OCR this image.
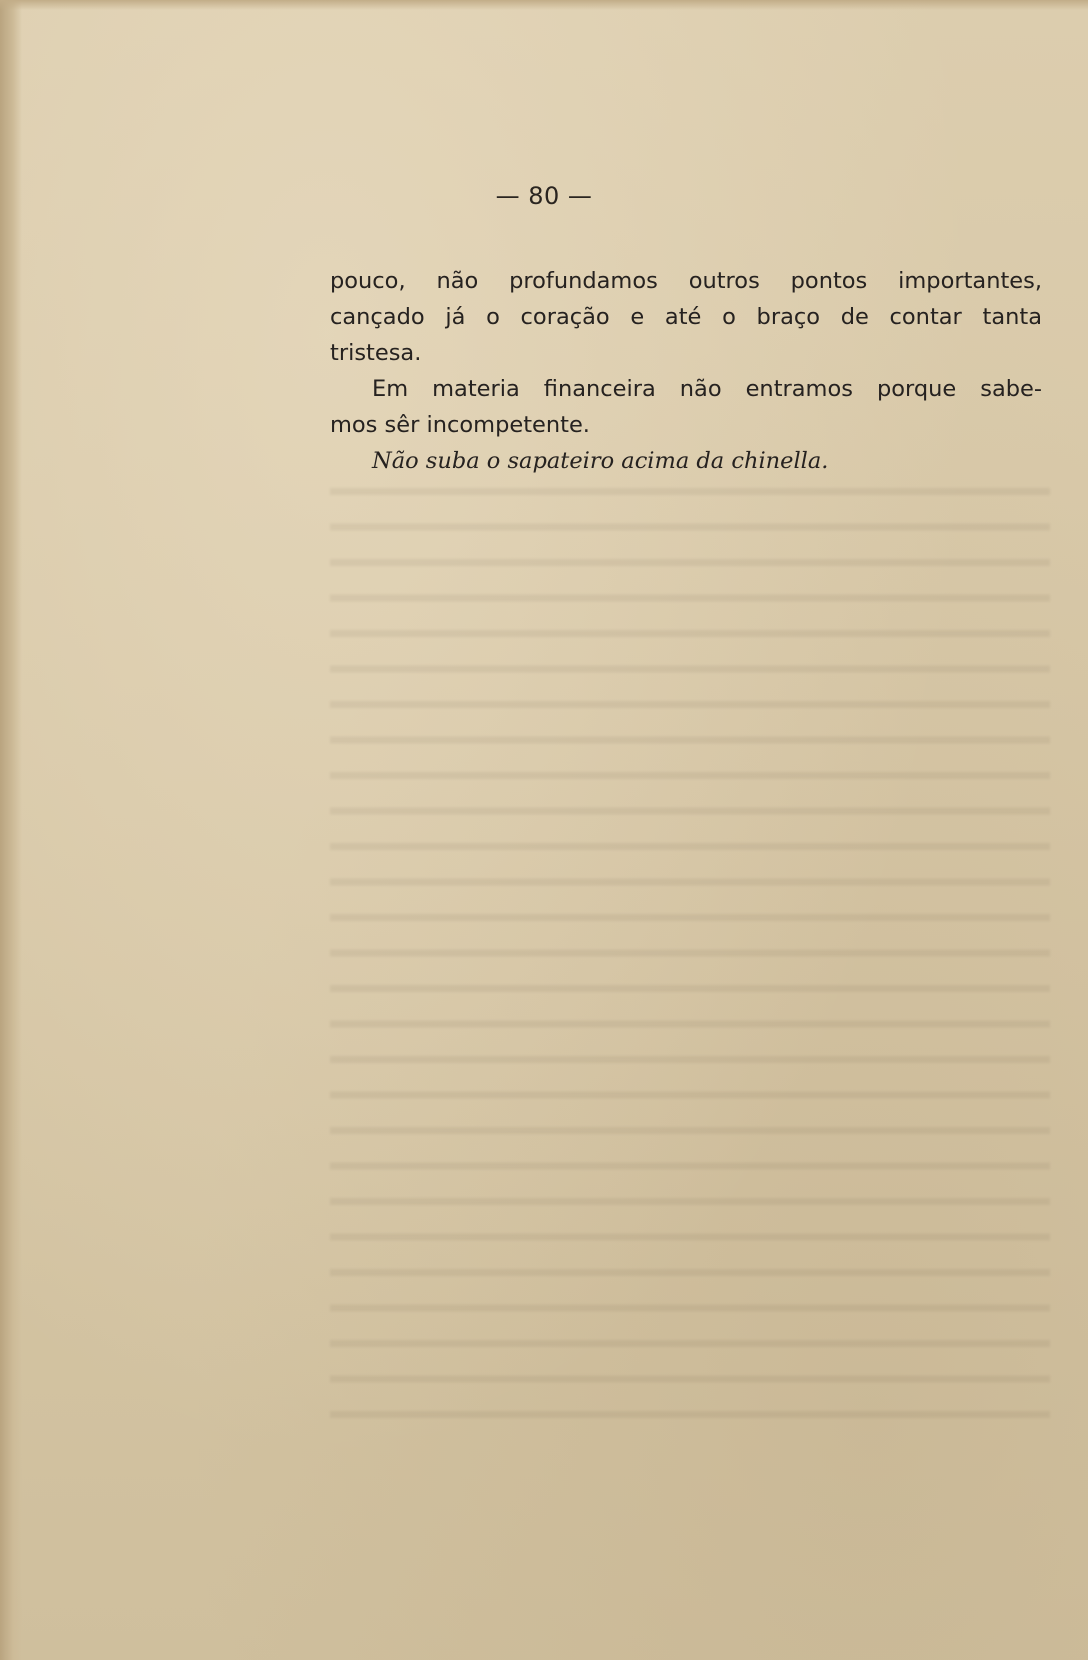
— 80 —
pouco, não profundamos outros pontos importantes,
cançado já o coração e até o braço de contar tanta
tristesa.
Em materia financeira não entramos porque sabe-
mos sêr incompetente.
Não suba o sapateiro acima da chinella.
